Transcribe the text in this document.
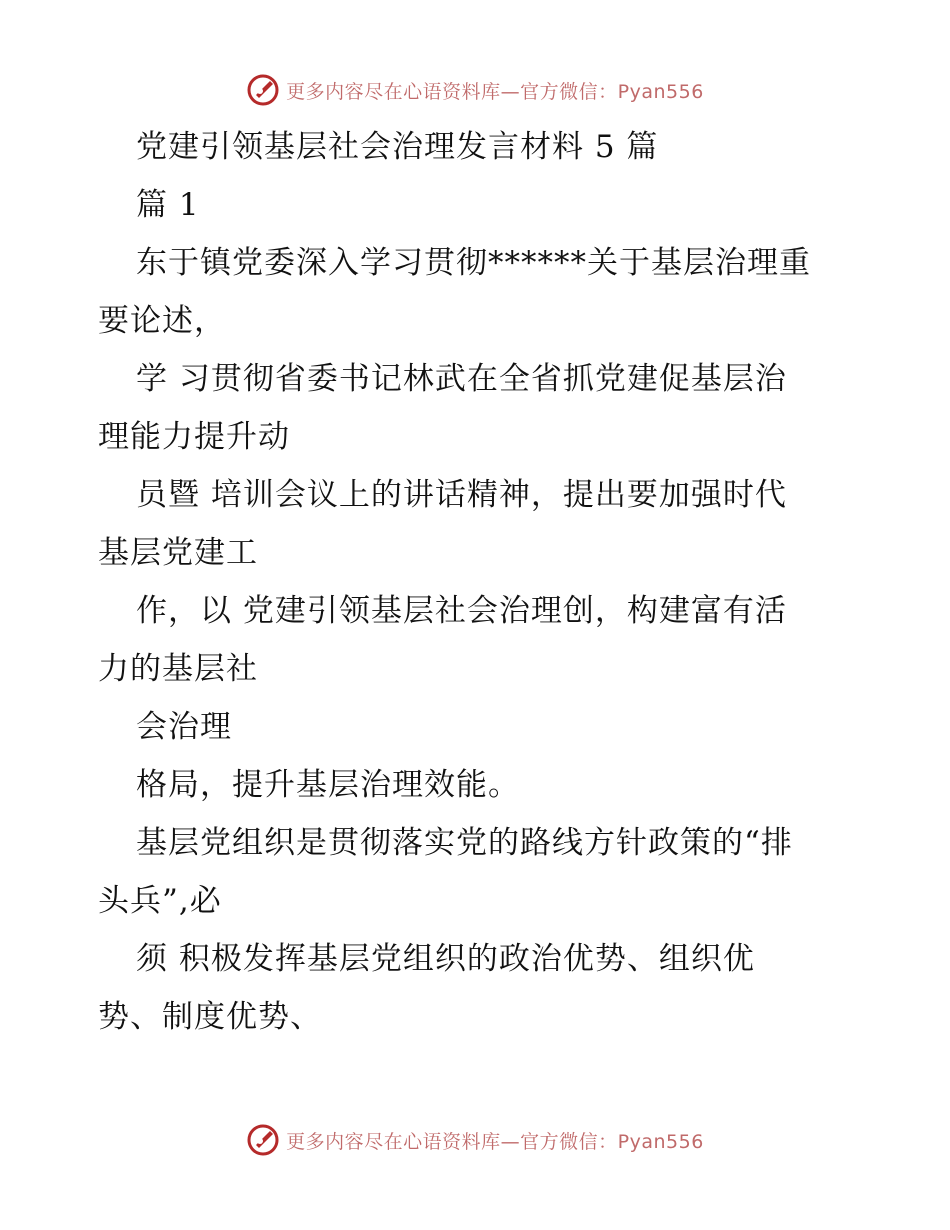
更多内容尽在心语资料库—官方微信：Pyan556
党建引领基层社会治理发言材料 5 篇
篇 1
东于镇党委深入学习贯彻******关于基层治理重
要论述，
学 习贯彻省委书记林武在全省抓党建促基层治
理能力提升动
员暨 培训会议上的讲话精神，提出要加强时代
基层党建工
作，以 党建引领基层社会治理创，构建富有活
力的基层社
会治理
格局，提升基层治理效能。
基层党组织是贯彻落实党的路线方针政策的“排
头兵”,必
须 积极发挥基层党组织的政治优势、组织优
势、制度优势、
更多内容尽在心语资料库—官方微信：Pyan556
